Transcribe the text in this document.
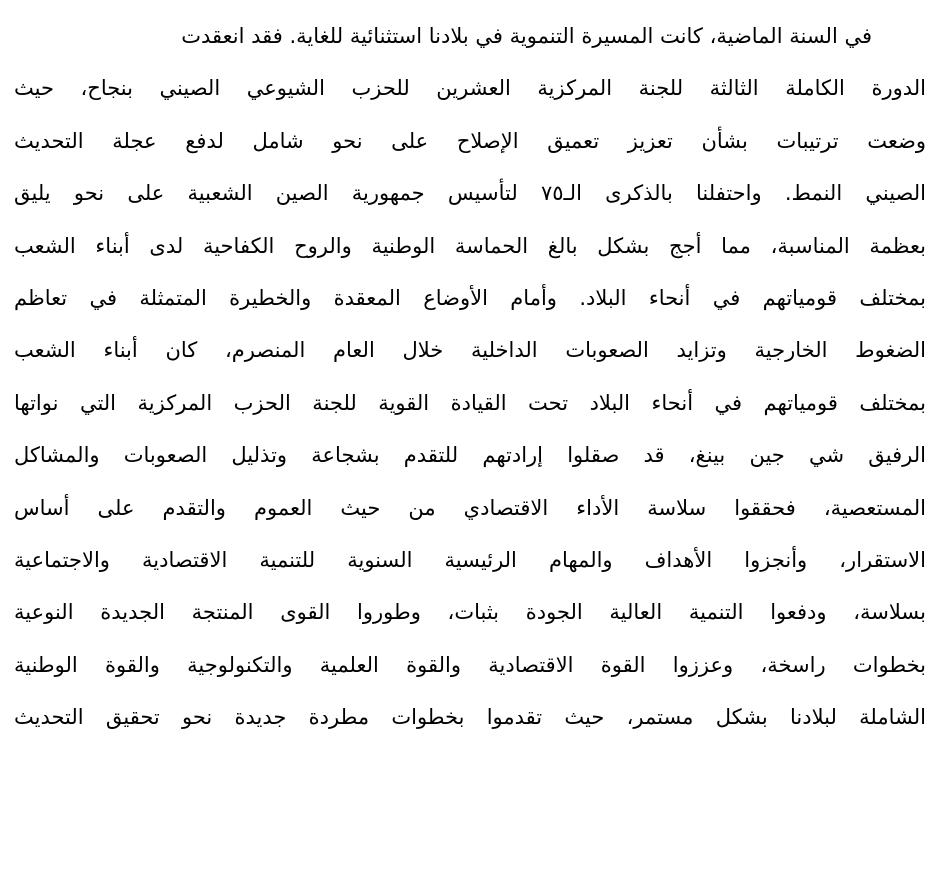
في السنة الماضية، كانت المسيرة التنموية في بلادنا استثنائية للغاية. فقد انعقدت
الدورة الكاملة الثالثة للجنة المركزية العشرين للحزب الشيوعي الصيني بنجاح، حيث
وضعت ترتيبات بشأن تعزيز تعميق الإصلاح على نحو شامل لدفع عجلة التحديث
الصيني النمط. واحتفلنا بالذكرى الـ٧٥ لتأسيس جمهورية الصين الشعبية على نحو يليق
بعظمة المناسبة، مما أجج بشكل بالغ الحماسة الوطنية والروح الكفاحية لدى أبناء الشعب
بمختلف قومياتهم في أنحاء البلاد. وأمام الأوضاع المعقدة والخطيرة المتمثلة في تعاظم
الضغوط الخارجية وتزايد الصعوبات الداخلية خلال العام المنصرم، كان أبناء الشعب
بمختلف قومياتهم في أنحاء البلاد تحت القيادة القوية للجنة الحزب المركزية التي نواتها
الرفيق شي جين بينغ، قد صقلوا إرادتهم للتقدم بشجاعة وتذليل الصعوبات والمشاكل
المستعصية، فحققوا سلاسة الأداء الاقتصادي من حيث العموم والتقدم على أساس
الاستقرار، وأنجزوا الأهداف والمهام الرئيسية السنوية للتنمية الاقتصادية والاجتماعية
بسلاسة، ودفعوا التنمية العالية الجودة بثبات، وطوروا القوى المنتجة الجديدة النوعية
بخطوات راسخة، وعززوا القوة الاقتصادية والقوة العلمية والتكنولوجية والقوة الوطنية
الشاملة لبلادنا بشكل مستمر، حيث تقدموا بخطوات مطردة جديدة نحو تحقيق التحديث
